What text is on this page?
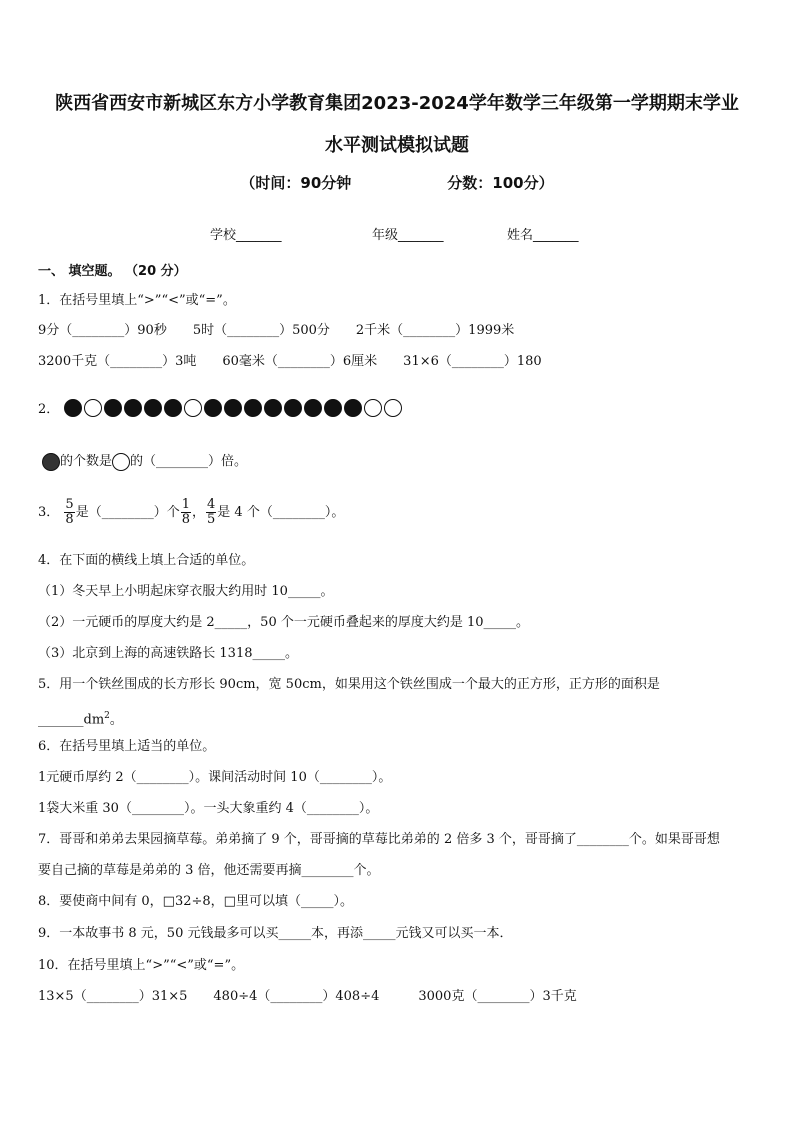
陕西省西安市新城区东方小学教育集团2023-2024学年数学三年级第一学期期末学业
水平测试模拟试题
（时间：90分钟	分数：100分）
学校_______	年级_______	姓名_______
一、 填空题。 （20 分）
1．在括号里填上“>”“<”或“=”。
9分（________）90秒　　5时（________）500分　　2千米（________）1999米
3200千克（________）3吨　　60毫米（________）6厘米　　31×6（________）180
2．
的个数是 的（________）倍。
3． $\frac{5}{8}$ 是（________）个 $\frac{1}{8}$ ， $\frac{4}{5}$ 是 4 个（________）。
4．在下面的横线上填上合适的单位。
（1）冬天早上小明起床穿衣服大约用时 10_____。
（2）一元硬币的厚度大约是 2_____，50 个一元硬币叠起来的厚度大约是 10_____。
（3）北京到上海的高速铁路长 1318_____。
5．用一个铁丝围成的长方形长 90cm，宽 50cm，如果用这个铁丝围成一个最大的正方形，正方形的面积是
$\_\_\_\_\_\_\_dm^2$。
6．在括号里填上适当的单位。
1元硬币厚约 2（________）。课间活动时间 10（________）。
1袋大米重 30（________）。一头大象重约 4（________）。
7．哥哥和弟弟去果园摘草莓。弟弟摘了 9 个，哥哥摘的草莓比弟弟的 2 倍多 3 个，哥哥摘了________个。如果哥哥想
要自己摘的草莓是弟弟的 3 倍，他还需要再摘________个。
8．要使商中间有 0，□32÷8，□里可以填（_____）。
9．一本故事书 8 元，50 元钱最多可以买_____本，再添_____元钱又可以买一本．
10．在括号里填上“>”“<”或“=”。
13×5（________）31×5　　480÷4（________）408÷4　　　3000克（________）3千克
